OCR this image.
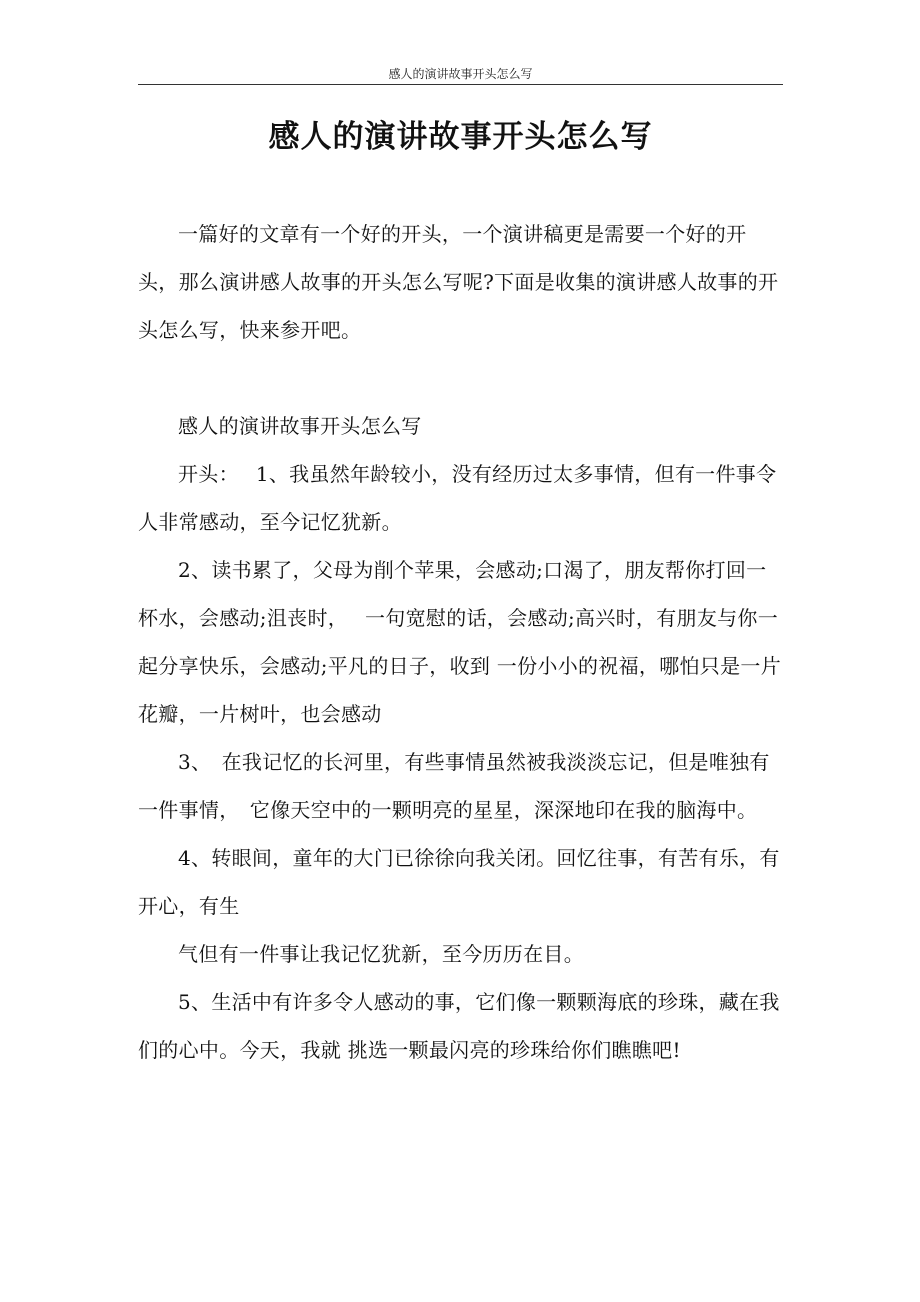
感人的演讲故事开头怎么写
感人的演讲故事开头怎么写

一篇好的文章有一个好的开头，一个演讲稿更是需要一个好的开头，那么演讲感人故事的开头怎么写呢?下面是收集的演讲感人故事的开头怎么写，快来参开吧。

感人的演讲故事开头怎么写

开头：　 1、我虽然年龄较小，没有经历过太多事情，但有一件事令人非常感动，至今记忆犹新。

2、读书累了，父母为削个苹果，会感动;口渴了，朋友帮你打回一杯水，会感动;沮丧时，　 一句宽慰的话，会感动;高兴时，有朋友与你一起分享快乐，会感动;平凡的日子，收到 一份小小的祝福，哪怕只是一片花瓣，一片树叶，也会感动

3、　在我记忆的长河里，有些事情虽然被我淡淡忘记，但是唯独有一件事情，　它像天空中的一颗明亮的星星，深深地印在我的脑海中。

4、转眼间，童年的大门已徐徐向我关闭。回忆往事，有苦有乐，有开心，有生

气但有一件事让我记忆犹新，至今历历在目。

5、生活中有许多令人感动的事，它们像一颗颗海底的珍珠，藏在我们的心中。今天，我就 挑选一颗最闪亮的珍珠给你们瞧瞧吧!
